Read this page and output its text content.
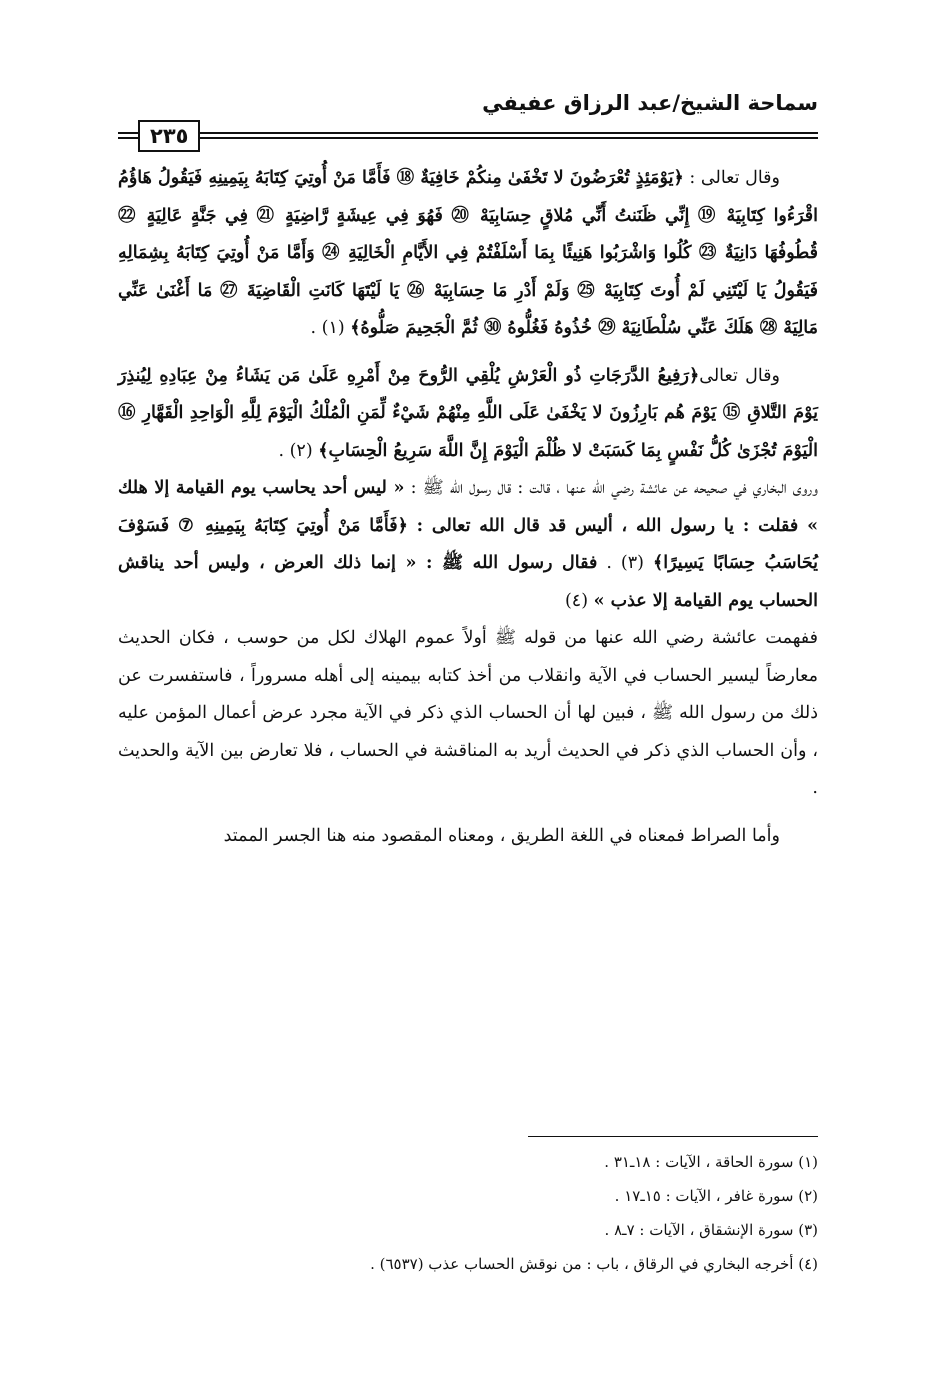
سماحة الشيخ/عبد الرزاق عفيفي
٢٣٥

وقال تعالى : ﴿يَوْمَئِذٍ تُعْرَضُونَ لا تَخْفَىٰ مِنكُمْ خَافِيَةٌ ⑱ فَأَمَّا مَنْ أُوتِيَ كِتَابَهُ بِيَمِينِهِ فَيَقُولُ هَاؤُمُ اقْرَءُوا كِتَابِيَهْ ⑲ إِنِّي ظَنَنتُ أَنِّي مُلاقٍ حِسَابِيَهْ ⑳ فَهُوَ فِي عِيشَةٍ رَّاضِيَةٍ ㉑ فِي جَنَّةٍ عَالِيَةٍ ㉒ قُطُوفُهَا دَانِيَةٌ ㉓ كُلُوا وَاشْرَبُوا هَنِيئًا بِمَا أَسْلَفْتُمْ فِي الأَيَّامِ الْخَالِيَةِ ㉔ وَأَمَّا مَنْ أُوتِيَ كِتَابَهُ بِشِمَالِهِ فَيَقُولُ يَا لَيْتَنِي لَمْ أُوتَ كِتَابِيَهْ ㉕ وَلَمْ أَدْرِ مَا حِسَابِيَهْ ㉖ يَا لَيْتَهَا كَانَتِ الْقَاضِيَةَ ㉗ مَا أَغْنَىٰ عَنِّي مَالِيَهْ ㉘ هَلَكَ عَنِّي سُلْطَانِيَهْ ㉙ خُذُوهُ فَغُلُّوهُ ㉚ ثُمَّ الْجَحِيمَ صَلُّوهُ﴾ (١) .

وقال تعالى﴿رَفِيعُ الدَّرَجَاتِ ذُو الْعَرْشِ يُلْقِي الرُّوحَ مِنْ أَمْرِهِ عَلَىٰ مَن يَشَاءُ مِنْ عِبَادِهِ لِيُنذِرَ يَوْمَ التَّلاقِ ⑮ يَوْمَ هُم بَارِزُونَ لا يَخْفَىٰ عَلَى اللَّهِ مِنْهُمْ شَيْءٌ لِّمَنِ الْمُلْكُ الْيَوْمَ لِلَّهِ الْوَاحِدِ الْقَهَّارِ ⑯ الْيَوْمَ تُجْزَىٰ كُلُّ نَفْسٍ بِمَا كَسَبَتْ لا ظُلْمَ الْيَوْمَ إِنَّ اللَّهَ سَرِيعُ الْحِسَابِ﴾ (٢) .

وروى البخاري في صحيحه عن عائشة رضي الله عنها ، قالت : قال رسول الله ﷺ : « ليس أحد يحاسب يوم القيامة إلا هلك » فقلت : يا رسول الله ، أليس قد قال الله تعالى : ﴿فَأَمَّا مَنْ أُوتِيَ كِتَابَهُ بِيَمِينِهِ ⑦ فَسَوْفَ يُحَاسَبُ حِسَابًا يَسِيرًا﴾ (٣) . فقال رسول الله ﷺ : « إنما ذلك العرض ، وليس أحد يناقش الحساب يوم القيامة إلا عذب » (٤)

ففهمت عائشة رضي الله عنها من قوله ﷺ أولاً عموم الهلاك لكل من حوسب ، فكان الحديث معارضاً ليسير الحساب في الآية وانقلاب من أخذ كتابه بيمينه إلى أهله مسروراً ، فاستفسرت عن ذلك من رسول الله ﷺ ، فبين لها أن الحساب الذي ذكر في الآية مجرد عرض أعمال المؤمن عليه ، وأن الحساب الذي ذكر في الحديث أريد به المناقشة في الحساب ، فلا تعارض بين الآية والحديث .

وأما الصراط فمعناه في اللغة الطريق ، ومعناه المقصود منه هنا الجسر الممتد

(١) سورة الحاقة ، الآيات : ١٨ـ٣١ .
(٢) سورة غافر ، الآيات : ١٥ـ١٧ .
(٣) سورة الإنشقاق ، الآيات : ٧ـ٨ .
(٤) أخرجه البخاري في الرقاق ، باب : من نوقش الحساب عذب (٦٥٣٧) .
